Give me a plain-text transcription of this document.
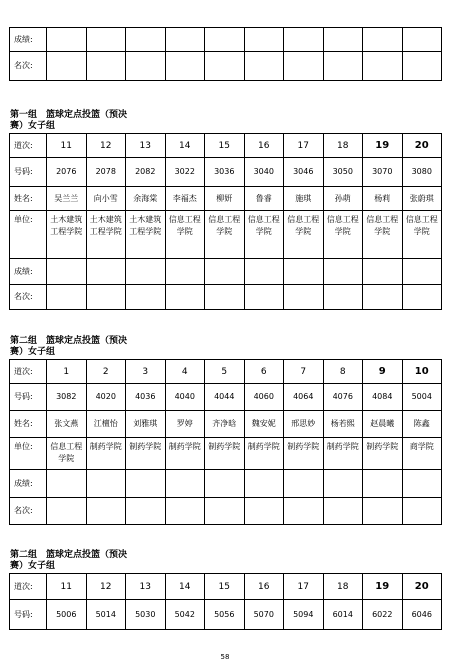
成绩:										
名次:										
第一组　篮球定点投篮（预决
赛）女子组
道次:	11	12	13	14	15	16	17	18	19	20
号码:	2076	2078	2082	3022	3036	3040	3046	3050	3070	3080
姓名:	吴兰兰	向小雪	余海棠	李福杰	柳妍	鲁睿	施琪	孙萌	杨莉	张蔚琪
单位:	土木建筑工程学院	土木建筑工程学院	土木建筑工程学院	信息工程学院	信息工程学院	信息工程学院	信息工程学院	信息工程学院	信息工程学院	信息工程学院
成绩:										
名次:										
第二组　篮球定点投篮（预决
赛）女子组
道次:	1	2	3	4	5	6	7	8	9	10
号码:	3082	4020	4036	4040	4044	4060	4064	4076	4084	5004
姓名:	张文燕	江檀怡	刘雅琪	罗婷	齐净晗	魏安妮	邢思妙	杨若熙	赵晨曦	陈鑫
单位:	信息工程学院	制药学院	制药学院	制药学院	制药学院	制药学院	制药学院	制药学院	制药学院	商学院
成绩:										
名次:										
第二组　篮球定点投篮（预决
赛）女子组
道次:	11	12	13	14	15	16	17	18	19	20
号码:	5006	5014	5030	5042	5056	5070	5094	6014	6022	6046
58
